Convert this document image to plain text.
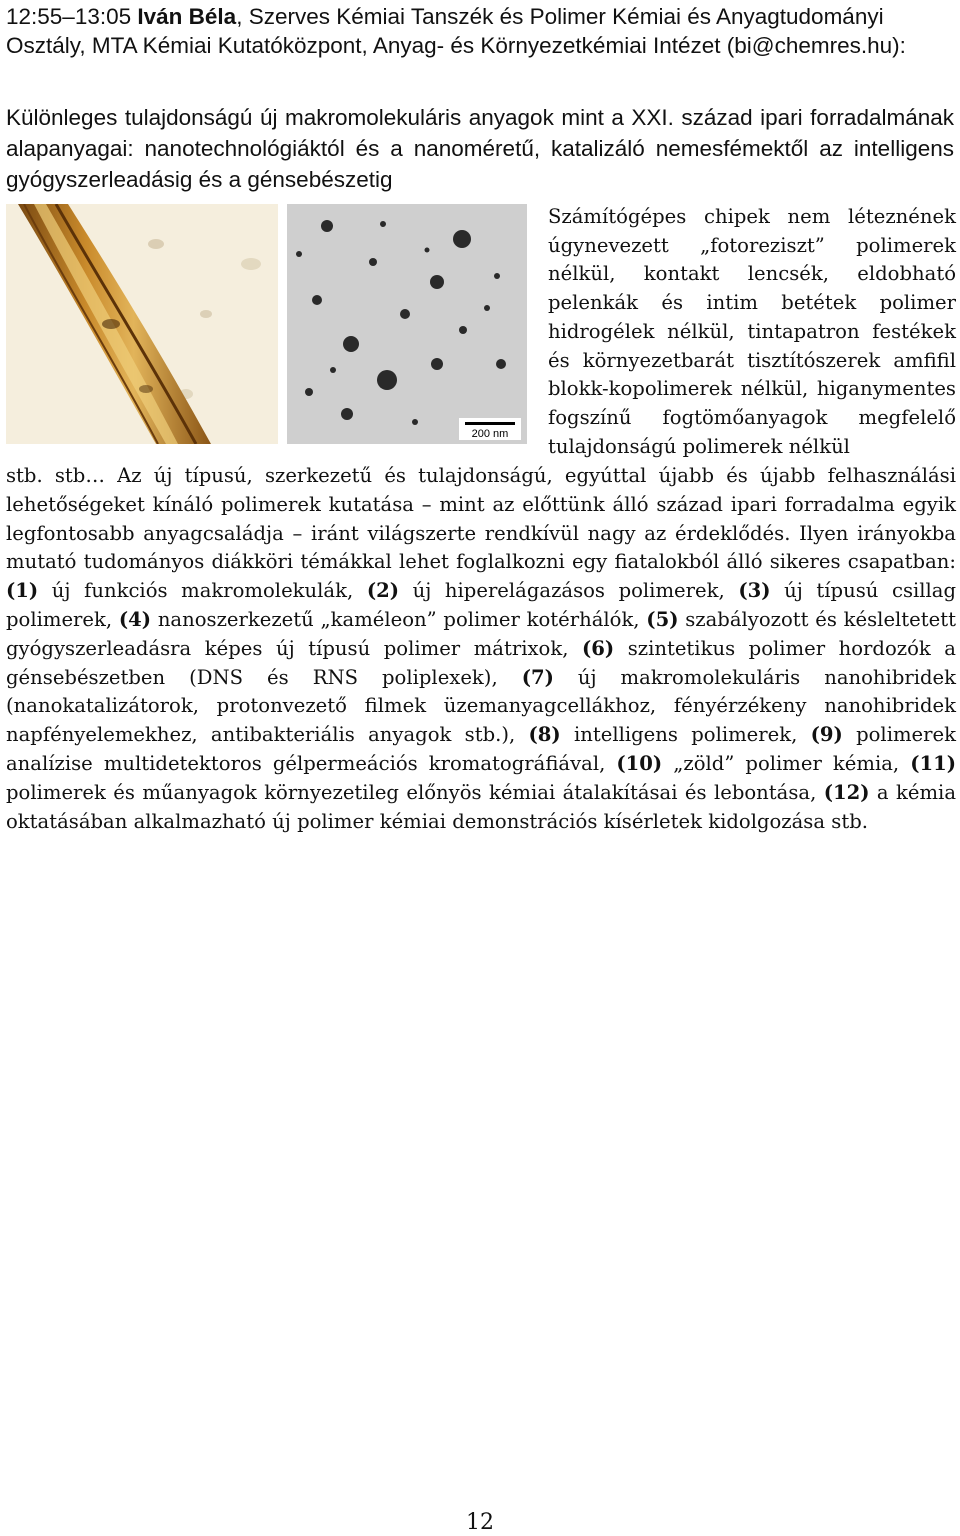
12:55–13:05 Iván Béla, Szerves Kémiai Tanszék és Polimer Kémiai és Anyagtudományi Osztály, MTA Kémiai Kutatóközpont, Anyag- és Környezetkémiai Intézet (bi@chemres.hu):
Különleges tulajdonságú új makromolekuláris anyagok mint a XXI. század ipari forradalmának alapanyagai: nanotechnológiáktól és a nanoméretű, katalizáló nemesfémektől az intelligens gyógyszerleadásig és a génsebészetig
200 nm
Számítógépes chipek nem léteznének úgynevezett „fotoreziszt” polimerek nélkül, kontakt lencsék, eldobható pelenkák és intim betétek polimer hidrogélek nélkül, tintapatron festékek és környezetbarát tisztítószerek amfifil blokk-kopolimerek nélkül, higanymentes fogszínű fogtömőanyagok megfelelő tulajdonságú polimerek nélkül
stb. stb… Az új típusú, szerkezetű és tulajdonságú, egyúttal újabb és újabb felhasználási lehetőségeket kínáló polimerek kutatása – mint az előttünk álló század ipari forradalma egyik legfontosabb anyagcsaládja – iránt világszerte rendkívül nagy az érdeklődés. Ilyen irányokba mutató tudományos diákköri témákkal lehet foglalkozni egy fiatalokból álló sikeres csapatban: (1) új funkciós makromolekulák, (2) új hiperelágazásos polimerek, (3) új típusú csillag polimerek, (4) nanoszerkezetű „kaméleon” polimer kotérhálók, (5) szabályozott és késleltetett gyógyszerleadásra képes új típusú polimer mátrixok, (6) szintetikus polimer hordozók a génsebészetben (DNS és RNS poliplexek), (7) új makromolekuláris nanohibridek (nanokatalizátorok, protonvezető filmek üzemanyagcellákhoz, fényérzékeny nanohibridek napfényelemekhez, antibakteriális anyagok stb.), (8) intelligens polimerek, (9) polimerek analízise multidetektoros gélpermeációs kromatográfiával, (10) „zöld” polimer kémia, (11) polimerek és műanyagok környezetileg előnyös kémiai átalakításai és lebontása, (12) a kémia oktatásában alkalmazható új polimer kémiai demonstrációs kísérletek kidolgozása stb.
12
